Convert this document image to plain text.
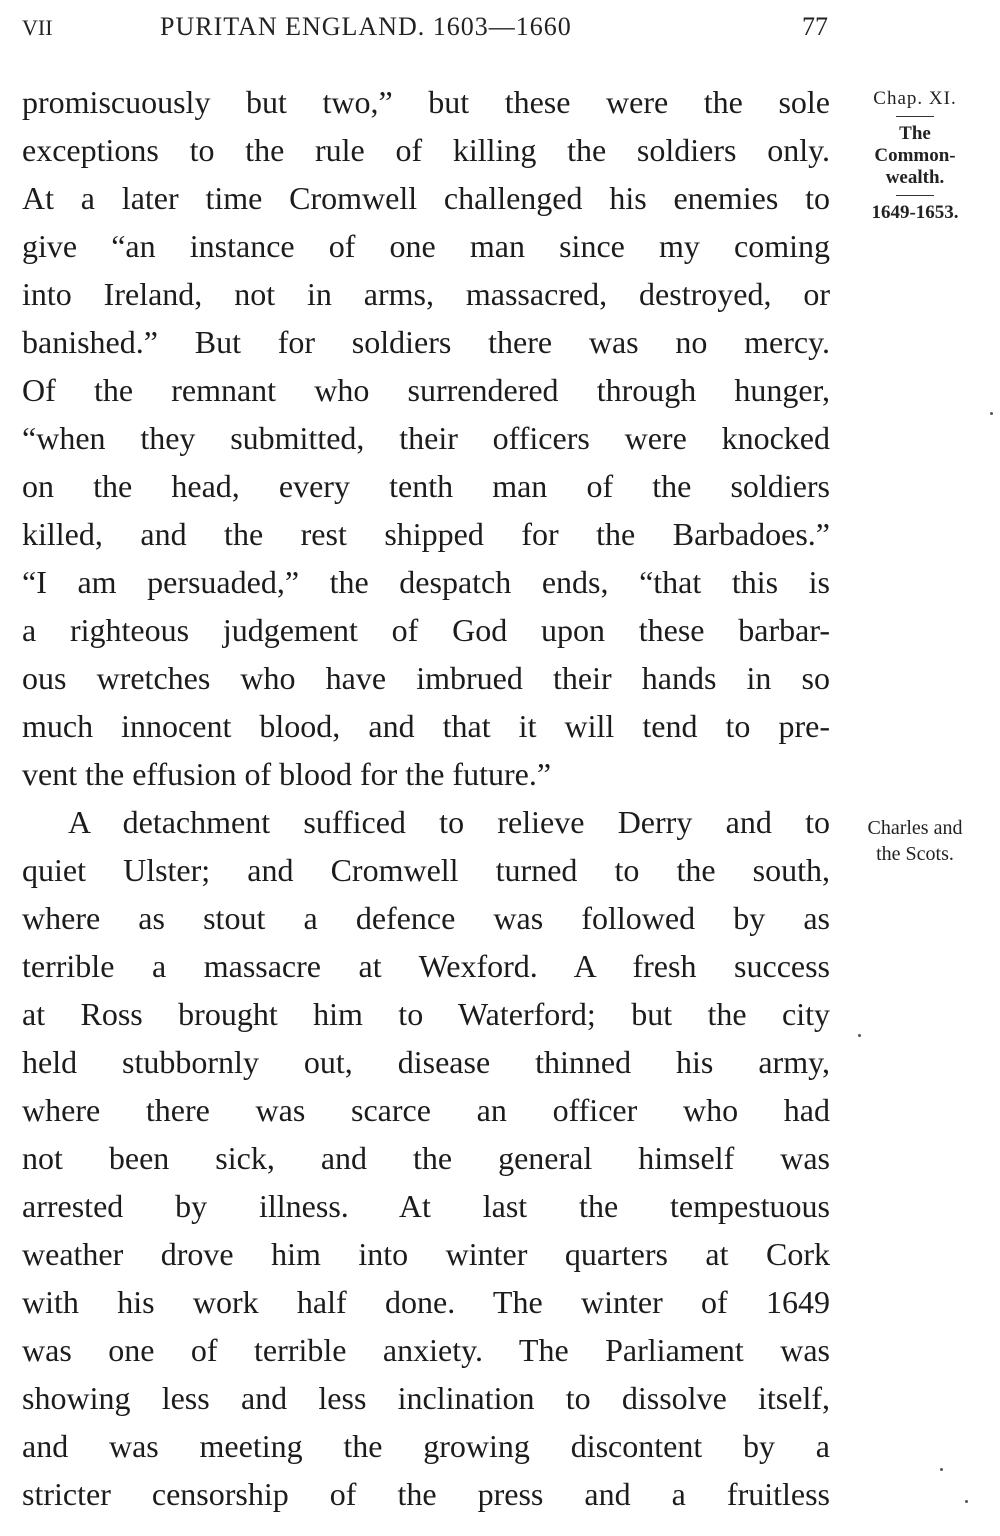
VII	PURITAN ENGLAND. 1603—1660	77
promiscuously but two,” but these were the sole
exceptions to the rule of killing the soldiers only.
At a later time Cromwell challenged his enemies to
give “an instance of one man since my coming
into Ireland, not in arms, massacred, destroyed, or
banished.” But for soldiers there was no mercy.
Of the remnant who surrendered through hunger,
“when they submitted, their officers were knocked
on the head, every tenth man of the soldiers
killed, and the rest shipped for the Barbadoes.”
“I am persuaded,” the despatch ends, “that this is
a righteous judgement of God upon these barbar-
ous wretches who have imbrued their hands in so
much innocent blood, and that it will tend to pre-
vent the effusion of blood for the future.”
A detachment sufficed to relieve Derry and to
quiet Ulster; and Cromwell turned to the south,
where as stout a defence was followed by as
terrible a massacre at Wexford. A fresh success
at Ross brought him to Waterford; but the city
held stubbornly out, disease thinned his army,
where there was scarce an officer who had
not been sick, and the general himself was
arrested by illness. At last the tempestuous
weather drove him into winter quarters at Cork
with his work half done. The winter of 1649
was one of terrible anxiety. The Parliament was
showing less and less inclination to dissolve itself,
and was meeting the growing discontent by a
stricter censorship of the press and a fruitless
Chap. XI.
The
Common-
wealth.
1649-1653.
Charles and
the Scots.
